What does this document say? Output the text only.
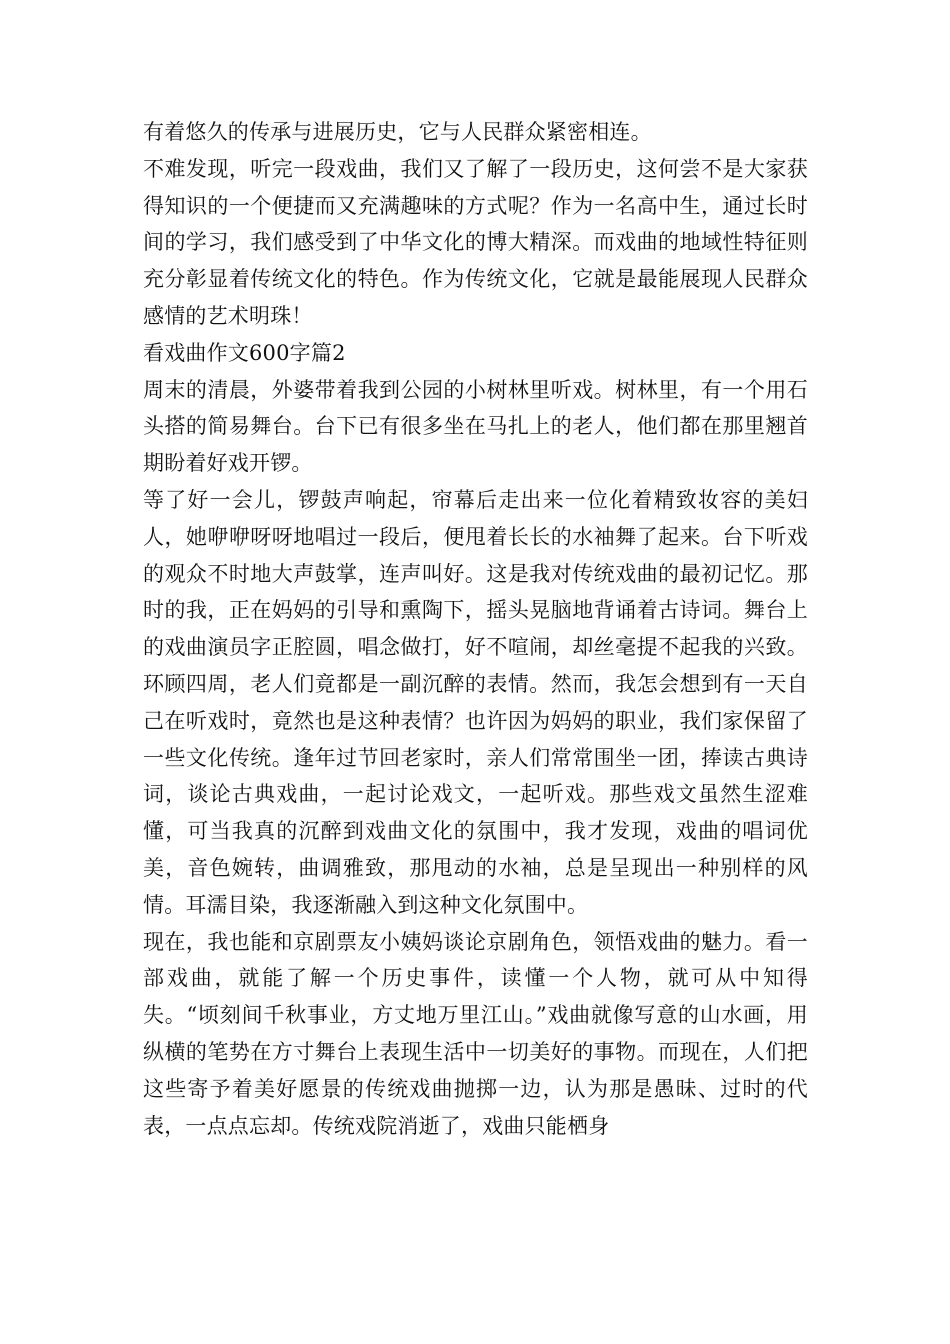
有着悠久的传承与进展历史，它与人民群众紧密相连。

不难发现，听完一段戏曲，我们又了解了一段历史，这何尝不是大家获得知识的一个便捷而又充满趣味的方式呢？作为一名高中生，通过长时间的学习，我们感受到了中华文化的博大精深。而戏曲的地域性特征则充分彰显着传统文化的特色。作为传统文化，它就是最能展现人民群众感情的艺术明珠！

看戏曲作文600字篇2

周末的清晨，外婆带着我到公园的小树林里听戏。树林里，有一个用石头搭的简易舞台。台下已有很多坐在马扎上的老人，他们都在那里翘首期盼着好戏开锣。

等了好一会儿，锣鼓声响起，帘幕后走出来一位化着精致妆容的美妇人，她咿咿呀呀地唱过一段后，便甩着长长的水袖舞了起来。台下听戏的观众不时地大声鼓掌，连声叫好。这是我对传统戏曲的最初记忆。那时的我，正在妈妈的引导和熏陶下，摇头晃脑地背诵着古诗词。舞台上的戏曲演员字正腔圆，唱念做打，好不喧闹，却丝毫提不起我的兴致。环顾四周，老人们竟都是一副沉醉的表情。然而，我怎会想到有一天自己在听戏时，竟然也是这种表情？也许因为妈妈的职业，我们家保留了一些文化传统。逢年过节回老家时，亲人们常常围坐一团，捧读古典诗词，谈论古典戏曲，一起讨论戏文，一起听戏。那些戏文虽然生涩难懂，可当我真的沉醉到戏曲文化的氛围中，我才发现，戏曲的唱词优美，音色婉转，曲调雅致，那甩动的水袖，总是呈现出一种别样的风情。耳濡目染，我逐渐融入到这种文化氛围中。

现在，我也能和京剧票友小姨妈谈论京剧角色，领悟戏曲的魅力。看一部戏曲，就能了解一个历史事件，读懂一个人物，就可从中知得失。“顷刻间千秋事业，方丈地万里江山。”戏曲就像写意的山水画，用纵横的笔势在方寸舞台上表现生活中一切美好的事物。而现在，人们把这些寄予着美好愿景的传统戏曲抛掷一边，认为那是愚昧、过时的代表，一点点忘却。传统戏院消逝了，戏曲只能栖身
